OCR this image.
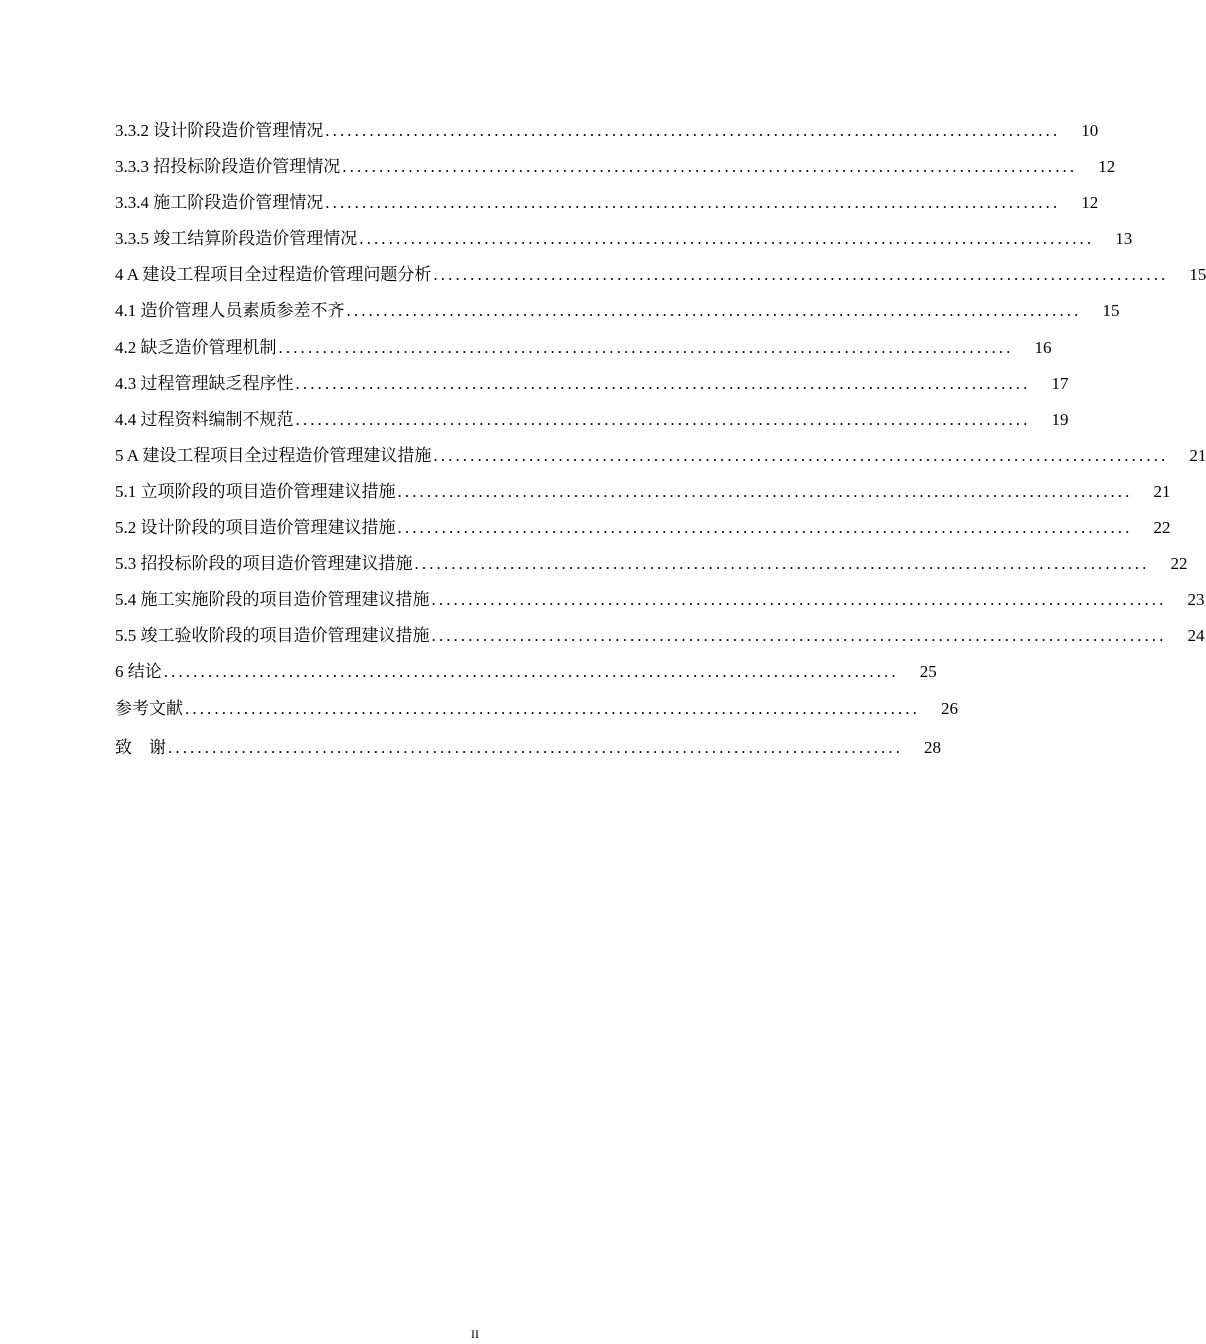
3.3.2 设计阶段造价管理情况 ....................................................................................................	10
3.3.3 招投标阶段造价管理情况 ....................................................................................................	12
3.3.4 施工阶段造价管理情况 ....................................................................................................	12
3.3.5 竣工结算阶段造价管理情况 ....................................................................................................	13
4 A 建设工程项目全过程造价管理问题分析 ....................................................................................................	15
4.1 造价管理人员素质参差不齐 ....................................................................................................	15
4.2 缺乏造价管理机制 ....................................................................................................	16
4.3 过程管理缺乏程序性 ....................................................................................................	17
4.4 过程资料编制不规范 ....................................................................................................	19
5 A 建设工程项目全过程造价管理建议措施 ....................................................................................................	21
5.1 立项阶段的项目造价管理建议措施 ....................................................................................................	21
5.2 设计阶段的项目造价管理建议措施 ....................................................................................................	22
5.3 招投标阶段的项目造价管理建议措施 ....................................................................................................	22
5.4 施工实施阶段的项目造价管理建议措施 ....................................................................................................	23
5.5 竣工验收阶段的项目造价管理建议措施 ....................................................................................................	24
6 结论 ....................................................................................................	25
参考文献 ....................................................................................................	26
致    谢 ....................................................................................................	28
II
